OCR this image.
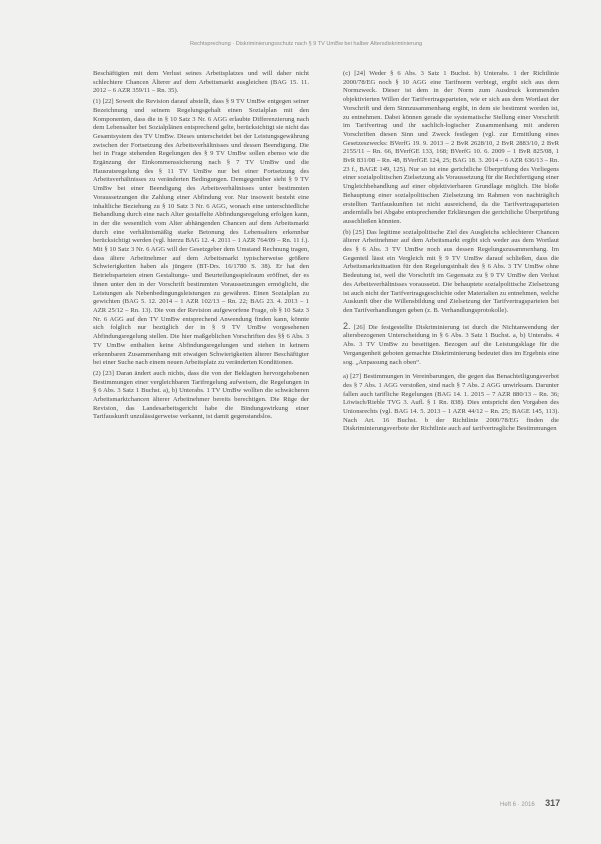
Rechtsprechung · Diskriminierungsschutz nach § 9 TV UmBw bei halber Altersdiskriminierung

Beschäftigten mit dem Verlust seines Arbeitsplatzes und will daher nicht schlechtere Chancen Älterer auf dem Arbeitsmarkt ausgleichen (BAG 15. 11. 2012 – 6 AZR 359/11 – Rn. 35).

(1) [22] Soweit die Revision darauf abstellt, dass § 9 TV UmBw entgegen seiner Bezeichnung und seinem Regelungsgehalt einen Sozialplan mit den Komponenten, dass die in § 10 Satz 3 Nr. 6 AGG erlaubte Differenzierung nach dem Lebensalter bei Sozialplänen entsprechend gelte, berücksichtigt sie nicht das Gesamtsystem des TV UmBw. Dieses unterscheidet bei der Leistungsgewährung zwischen der Fortsetzung des Arbeitsverhältnisses und dessen Beendigung. Die bei in Frage stehenden Regelungen des § 9 TV UmBw sollen ebenso wie die Ergänzung der Einkommenssicherung nach § 7 TV UmBw und die Hausratsregelung des § 11 TV UmBw nur bei einer Fortsetzung des Arbeitsverhältnisses zu veränderten Bedingungen. Demgegenüber sieht § 9 TV UmBw bei einer Beendigung des Arbeitsverhältnisses unter bestimmten Voraussetzungen die Zahlung einer Abfindung vor. Nur insoweit besteht eine inhaltliche Beziehung zu § 10 Satz 3 Nr. 6 AGG, wonach eine unterschiedliche Behandlung durch eine nach Alter gestaffelte Abfindungsregelung erfolgen kann, in der die wesentlich vom Alter abhängenden Chancen auf dem Arbeitsmarkt durch eine verhältnismäßig starke Betonung des Lebensalters erkennbar berücksichtigt werden (vgl. hierzu BAG 12. 4. 2011 – 1 AZR 764/09 – Rn. 11 f.). Mit § 10 Satz 3 Nr. 6 AGG will der Gesetzgeber dem Umstand Rechnung tragen, dass ältere Arbeitnehmer auf dem Arbeitsmarkt typischerweise größere Schwierigkeiten haben als jüngere (BT-Drs. 16/1780 S. 38). Er hat den Betriebsparteien einen Gestaltungs- und Beurteilungsspielraum eröffnet, der es ihnen unter den in der Vorschrift bestimmten Voraussetzungen ermöglicht, die Leistungen als Nebenbedingungsleistungen zu gewähren. Einen Sozialplan zu gewichten (BAG 5. 12. 2014 – 1 AZR 102/13 – Rn. 22; BAG 23. 4. 2013 – 1 AZR 25/12 – Rn. 13). Die von der Revision aufgeworfene Frage, ob § 10 Satz 3 Nr. 6 AGG auf den TV UmBw entsprechend Anwendung finden kann, könnte sich folglich nur bezüglich der in § 9 TV UmBw vorgesehenen Abfindungsregelung stellen. Die hier maßgeblichen Vorschriften des §§ 6 Abs. 3 TV UmBw enthalten keine Abfindungsregelungen und stehen in keinem erkennbaren Zusammenhang mit etwaigen Schwierigkeiten älterer Beschäftigter bei einer Suche nach einem neuen Arbeitsplatz zu veränderten Konditionen.

(2) [23] Daran ändert auch nichts, dass die von der Beklagten hervorgehobenen Bestimmungen einer vergleichbaren Tarifregelung aufweisen, die Regelungen in § 6 Abs. 3 Satz 1 Buchst. a), b) Unterabs. 1 TV UmBw wollten die schwächeren Arbeitsmarktchancen älterer Arbeitnehmer bereits berechtigen. Die Rüge der Revision, das Landesarbeitsgericht habe die Bindungswirkung einer Tarifauskunft unzulässigerweise verkannt, ist damit gegenstandslos.

(c) [24] Weder § 6 Abs. 3 Satz 1 Buchst. b) Unterabs. 1 der Richtlinie 2000/78/EG noch § 10 AGG eine Tarifnorm verbiegt, ergibt sich aus dem Normzweck. Dieser ist dem in der Norm zum Ausdruck kommenden objektivierten Willen der Tarifvertragsparteien, wie er sich aus dem Wortlaut der Vorschrift und dem Sinnzusammenhang ergibt, in dem sie bestimmt worden ist, zu entnehmen. Dabei können gerade die systematische Stellung einer Vorschrift im Tarifvertrag und ihr sachlich-logischer Zusammenhang mit anderen Vorschriften diesen Sinn und Zweck festlegen (vgl. zur Ermittlung eines Gesetzeszwecks: BVerfG 19. 9. 2013 – 2 BvR 2628/10, 2 BvR 2883/10, 2 BvR 2155/11 – Rn. 66, BVerfGE 133, 168; BVerfG 10. 6. 2009 – 1 BvR 825/08, 1 BvR 831/08 – Rn. 48, BVerfGE 124, 25; BAG 18. 3. 2014 – 6 AZR 636/13 – Rn. 23 f., BAGE 149, 125). Nur so ist eine gerichtliche Überprüfung des Vorliegens einer sozialpolitischen Zielsetzung als Voraussetzung für die Rechtfertigung einer Ungleichbehandlung auf einer objektivierbaren Grundlage möglich. Die bloße Behauptung einer sozialpolitischen Zielsetzung im Rahmen von nachträglich erstellten Tarifauskunften ist nicht ausreichend, da die Tarifvertragsparteien andernfalls bei Abgabe entsprechender Erklärungen die gerichtliche Überprüfung ausschließen könnten.

(b) [25] Das legitime sozialpolitische Ziel des Ausgleichs schlechterer Chancen älterer Arbeitnehmer auf dem Arbeitsmarkt ergibt sich weder aus dem Wortlaut des § 6 Abs. 3 TV UmBw noch aus dessen Regelungszusammenhang. Im Gegenteil lässt ein Vergleich mit § 9 TV UmBw darauf schließen, dass die Arbeitsmarktsituation für den Regelungsinhalt des § 6 Abs. 3 TV UmBw ohne Bedeutung ist, weil die Vorschrift im Gegensatz zu § 9 TV UmBw den Verlust des Arbeitsverhältnisses voraussetzt. Die behauptete sozialpolitische Zielsetzung ist auch nicht der Tarifvertragsgeschichte oder Materialien zu entnehmen, welche Auskunft über die Willensbildung und Zielsetzung der Tarifvertragsparteien bei den Tarifverhandlungen geben (z. B. Verhandlungsprotokolle).

2. [26] Die festgestellte Diskriminierung ist durch die Nichtanwendung der altersbezogenen Unterscheidung in § 6 Abs. 3 Satz 1 Buchst. a, b) Unterabs. 4 Abs. 3 TV UmBw zu beseitigen. Bezogen auf die Leistungsklage für die Vergangenheit geboten gemachte Diskriminierung bedeutet dies im Ergebnis eine sog. „Anpassung nach oben“.

a) [27] Bestimmungen in Vereinbarungen, die gegen das Benachteiligungsverbot des § 7 Abs. 1 AGG verstoßen, sind nach § 7 Abs. 2 AGG unwirksam. Darunter fallen auch tarifliche Regelungen (BAG 14. 1. 2015 – 7 AZR 880/13 – Rn. 36; Löwisch/Rieble TVG 3. Aufl. § 1 Rn. 838). Dies entspricht den Vorgaben des Unionsrechts (vgl. BAG 14. 5. 2013 – 1 AZR 44/12 – Rn. 25; BAGE 145, 113). Nach Art. 16 Buchst. b der Richtlinie 2000/78/EG finden die Diskriminierungsverbote der Richtlinie auch auf tarifvertragliche Bestimmungen

Heft 6 · 2016 317
